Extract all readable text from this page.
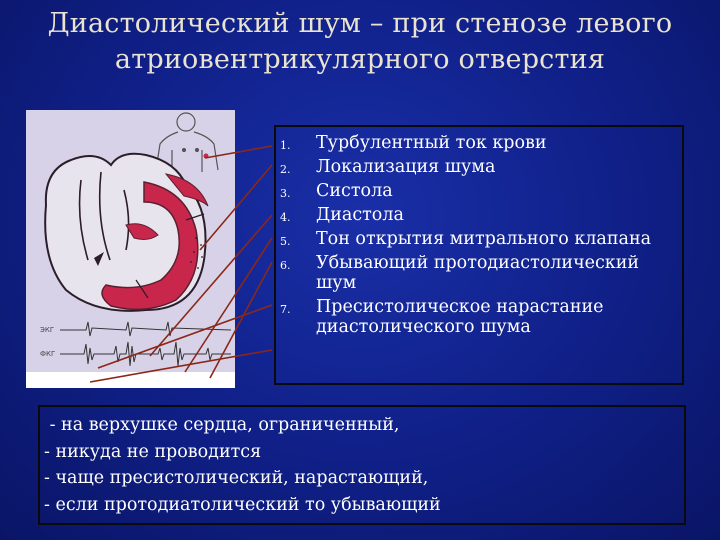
Диастолический шум – при стенозе левого
атриовентрикулярного отверстия
ЭКГ
ФКГ
1. Турбулентный ток крови
2. Локализация шума
3. Систола
4. Диастола
5. Тон открытия митрального клапана
6. Убывающий протодиастолический шум
7. Пресистолическое нарастание диастолического шума
- на верхушке сердца, ограниченный,
- никуда не проводится
- чаще пресистолический, нарастающий,
- если протодиатолический то убывающий
